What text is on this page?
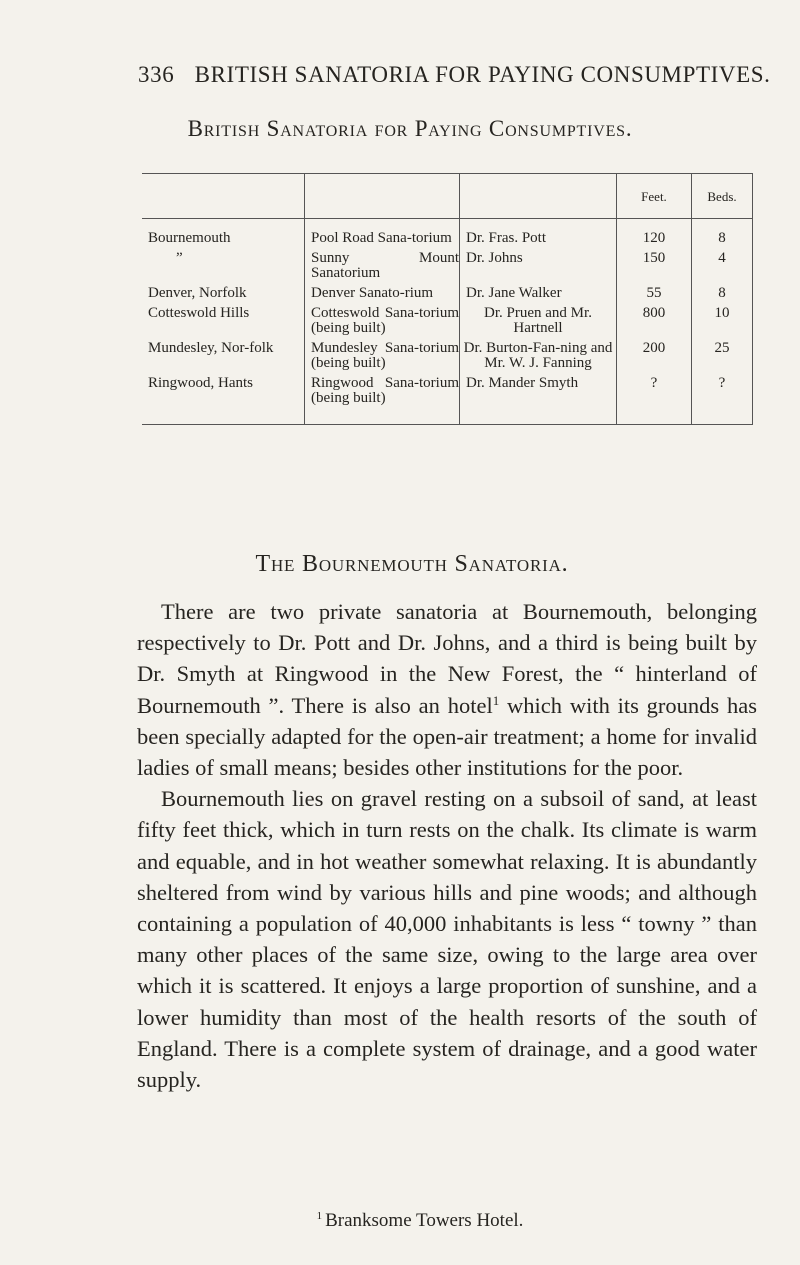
336 BRITISH SANATORIA FOR PAYING CONSUMPTIVES.
British Sanatoria for Paying Consumptives.
			Feet.	Beds.

Bournemouth	Pool Road Sana-torium	Dr. Fras. Pott	120	8

”	Sunny Mount Sanatorium	Dr. Johns	150	4

Denver, Norfolk	Denver Sanato-rium	Dr. Jane Walker	55	8

Cotteswold Hills	Cotteswold Sana-torium (being built)	Dr. Pruen and Mr. Hartnell	800	10

Mundesley, Nor-folk	Mundesley Sana-torium (being built)	Dr. Burton-Fan-ning and Mr. W. J. Fanning	200	25

Ringwood, Hants	Ringwood Sana-torium (being built)	Dr. Mander Smyth	?	?
The Bournemouth Sanatoria.

There are two private sanatoria at Bournemouth, belonging respectively to Dr. Pott and Dr. Johns, and a third is being built by Dr. Smyth at Ringwood in the New Forest, the “ hinterland of Bournemouth ”. There is also an hotel$^1$ which with its grounds has been specially adapted for the open-air treatment; a home for invalid ladies of small means; besides other institutions for the poor.

Bournemouth lies on gravel resting on a subsoil of sand, at least fifty feet thick, which in turn rests on the chalk. Its climate is warm and equable, and in hot weather somewhat relaxing. It is abundantly sheltered from wind by various hills and pine woods; and although containing a population of 40,000 inhabitants is less “ towny ” than many other places of the same size, owing to the large area over which it is scattered. It enjoys a large proportion of sunshine, and a lower humidity than most of the health resorts of the south of England. There is a complete system of drainage, and a good water supply.

$^1$ Branksome Towers Hotel.
